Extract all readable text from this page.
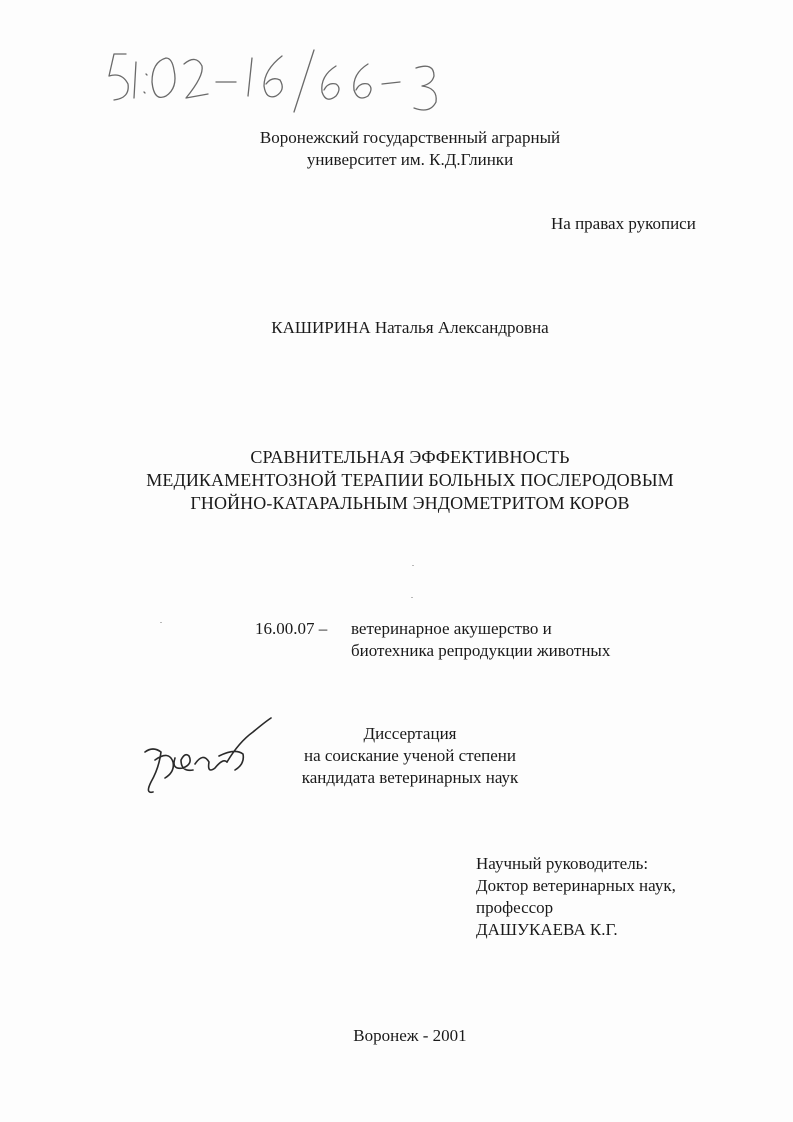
Воронежский государственный аграрный
университет им. К.Д.Глинки
На правах рукописи
КАШИРИНА Наталья Александровна
СРАВНИТЕЛЬНАЯ ЭФФЕКТИВНОСТЬ
МЕДИКАМЕНТОЗНОЙ ТЕРАПИИ БОЛЬНЫХ ПОСЛЕРОДОВЫМ
ГНОЙНО-КАТАРАЛЬНЫМ ЭНДОМЕТРИТОМ КОРОВ
16.00.07 – ветеринарное акушерство и
биотехника репродукции животных
Диссертация
на соискание ученой степени
кандидата ветеринарных наук
Научный руководитель:
Доктор ветеринарных наук,
профессор
ДАШУКАЕВА К.Г.
Воронеж - 2001
